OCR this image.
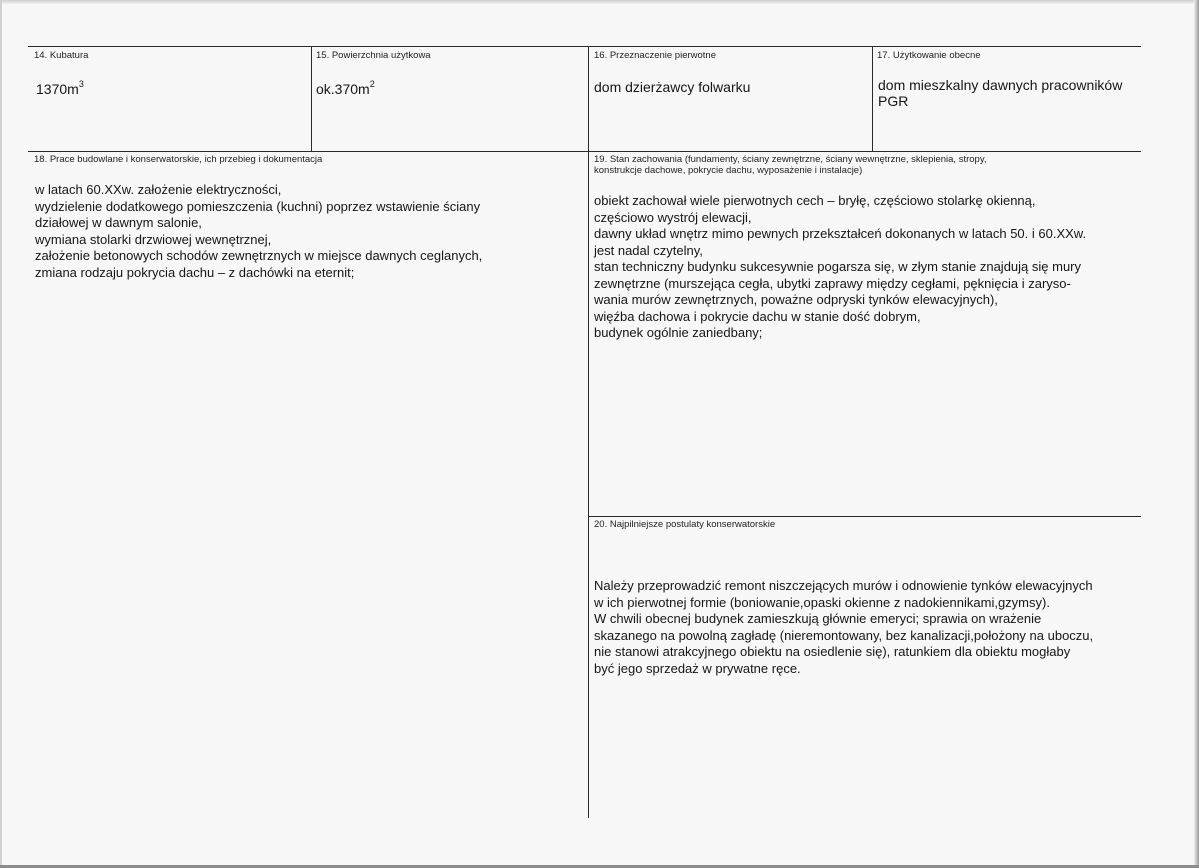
14. Kubatura
$1370m^3$
15. Powierzchnia użytkowa
$ok.370m^2$
16. Przeznaczenie pierwotne
dom dzierżawcy folwarku
17. Użytkowanie obecne
dom mieszkalny dawnych pracowników
PGR
18. Prace budowlane i konserwatorskie, ich przebieg i dokumentacja
w latach 60.XXw. założenie elektryczności,
wydzielenie dodatkowego pomieszczenia (kuchni) poprzez wstawienie ściany
działowej w dawnym salonie,
wymiana stolarki drzwiowej wewnętrznej,
założenie betonowych schodów zewnętrznych w miejsce dawnych ceglanych,
zmiana rodzaju pokrycia dachu – z dachówki na eternit;
19. Stan zachowania (fundamenty, ściany zewnętrzne, ściany wewnętrzne, sklepienia, stropy,
konstrukcje dachowe, pokrycie dachu, wyposażenie i instalacje)
obiekt zachował wiele pierwotnych cech – bryłę, częściowo stolarkę okienną,
częściowo wystrój elewacji,
dawny układ wnętrz mimo pewnych przekształceń dokonanych w latach 50. i 60.XXw.
jest nadal czytelny,
stan techniczny budynku sukcesywnie pogarsza się, w złym stanie znajdują się mury
zewnętrzne (murszejąca cegła, ubytki zaprawy między cegłami, pęknięcia i zaryso-
wania murów zewnętrznych, poważne odpryski tynków elewacyjnych),
więźba dachowa i pokrycie dachu w stanie dość dobrym,
budynek ogólnie zaniedbany;
20. Najpilniejsze postulaty konserwatorskie
Należy przeprowadzić remont niszczejących murów i odnowienie tynków elewacyjnych
w ich pierwotnej formie (boniowanie,opaski okienne z nadokiennikami,gzymsy).
W chwili obecnej budynek zamieszkują głównie emeryci; sprawia on wrażenie
skazanego na powolną zagładę (nieremontowany, bez kanalizacji,położony na uboczu,
nie stanowi atrakcyjnego obiektu na osiedlenie się), ratunkiem dla obiektu mogłaby
być jego sprzedaż w prywatne ręce.
